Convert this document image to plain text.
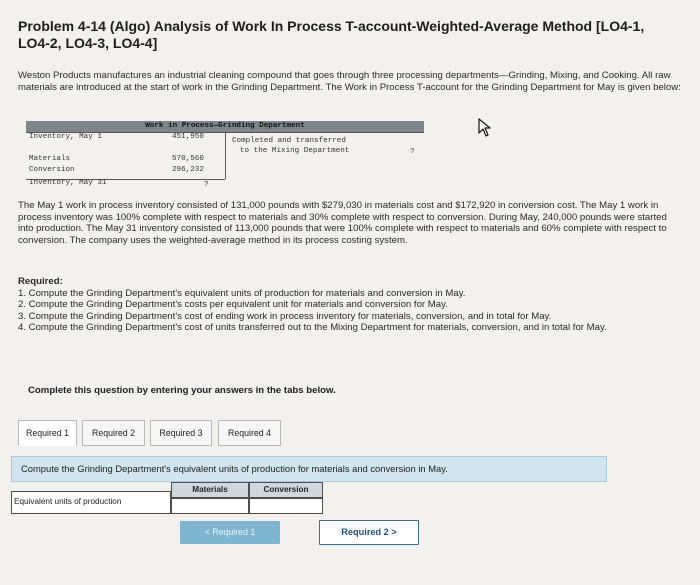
Problem 4-14 (Algo) Analysis of Work In Process T-account-Weighted-Average Method [LO4-1, LO4-2, LO4-3, LO4-4]
Weston Products manufactures an industrial cleaning compound that goes through three processing departments—Grinding, Mixing, and Cooking. All raw materials are introduced at the start of work in the Grinding Department. The Work in Process T-account for the Grinding Department for May is given below:
Work in Process—Grinding Department
Inventory, May 1	451,950
Materials	570,560
Conversion	296,232
Inventory, May 31	?
Completed and transferred
to the Mixing Department	?
The May 1 work in process inventory consisted of 131,000 pounds with $279,030 in materials cost and $172,920 in conversion cost. The May 1 work in process inventory was 100% complete with respect to materials and 30% complete with respect to conversion. During May, 240,000 pounds were started into production. The May 31 inventory consisted of 113,000 pounds that were 100% complete with respect to materials and 60% complete with respect to conversion. The company uses the weighted-average method in its process costing system.
Required:
1. Compute the Grinding Department's equivalent units of production for materials and conversion in May.
2. Compute the Grinding Department's costs per equivalent unit for materials and conversion for May.
3. Compute the Grinding Department's cost of ending work in process inventory for materials, conversion, and in total for May.
4. Compute the Grinding Department's cost of units transferred out to the Mixing Department for materials, conversion, and in total for May.
Complete this question by entering your answers in the tabs below.
Required 1	Required 2	Required 3	Required 4
Compute the Grinding Department's equivalent units of production for materials and conversion in May.
Materials	Conversion
Equivalent units of production
< Required 1	Required 2 >
